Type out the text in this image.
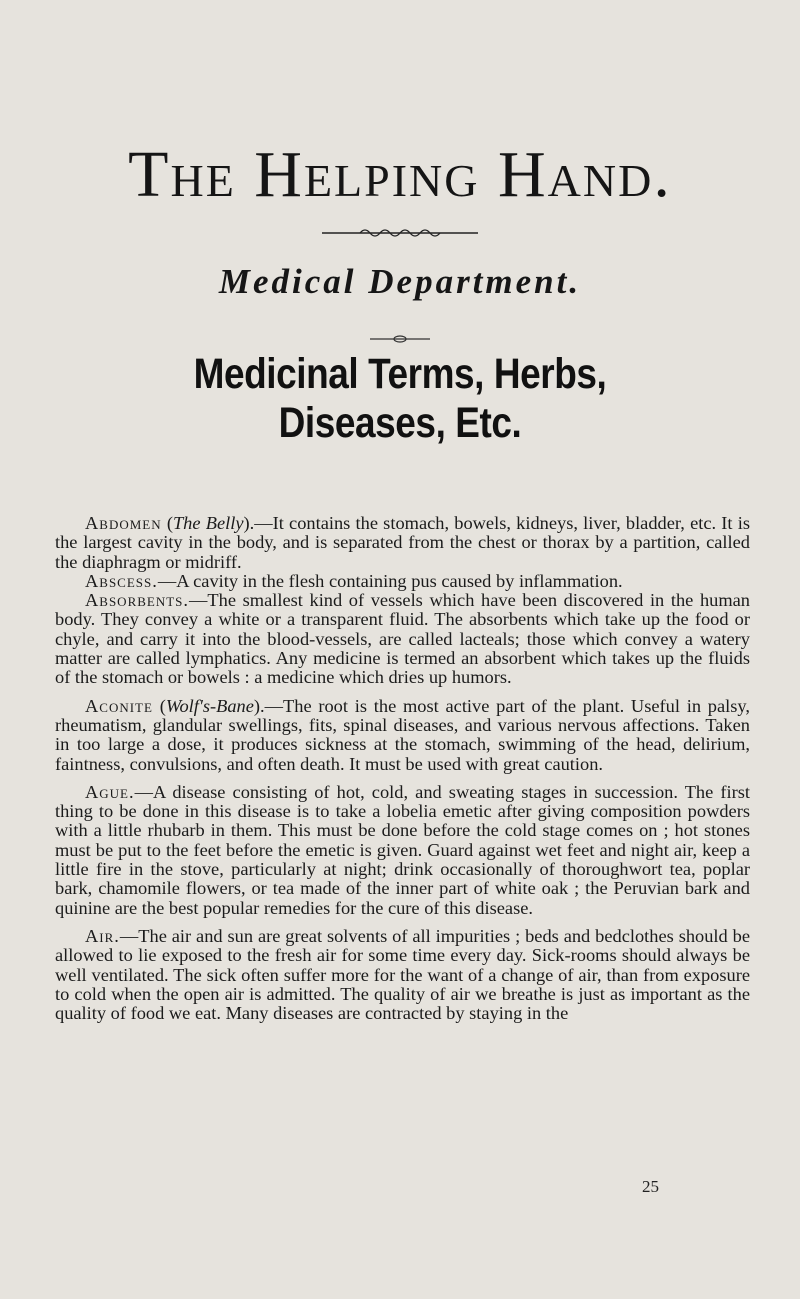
The Helping Hand.
Medical Department.
Medicinal Terms, Herbs, Diseases, Etc.

Abdomen (The Belly).—It contains the stomach, bowels, kidneys, liver, bladder, etc. It is the largest cavity in the body, and is separated from the chest or thorax by a partition, called the diaphragm or midriff.

Abscess.—A cavity in the flesh containing pus caused by inflammation.

Absorbents.—The smallest kind of vessels which have been discovered in the human body. They convey a white or a transparent fluid. The absorbents which take up the food or chyle, and carry it into the blood-vessels, are called lacteals; those which convey a watery matter are called lymphatics. Any medicine is termed an absorbent which takes up the fluids of the stomach or bowels : a medicine which dries up humors.

Aconite (Wolf's-Bane).—The root is the most active part of the plant. Useful in palsy, rheumatism, glandular swellings, fits, spinal diseases, and various nervous affections. Taken in too large a dose, it produces sickness at the stomach, swimming of the head, delirium, faintness, convulsions, and often death. It must be used with great caution.

Ague.—A disease consisting of hot, cold, and sweating stages in succession. The first thing to be done in this disease is to take a lobelia emetic after giving composition powders with a little rhubarb in them. This must be done before the cold stage comes on ; hot stones must be put to the feet before the emetic is given. Guard against wet feet and night air, keep a little fire in the stove, particularly at night; drink occasionally of thoroughwort tea, poplar bark, chamomile flowers, or tea made of the inner part of white oak ; the Peruvian bark and quinine are the best popular remedies for the cure of this disease.

Air.—The air and sun are great solvents of all impurities ; beds and bedclothes should be allowed to lie exposed to the fresh air for some time every day. Sick-rooms should always be well ventilated. The sick often suffer more for the want of a change of air, than from exposure to cold when the open air is admitted. The quality of air we breathe is just as important as the quality of food we eat. Many diseases are contracted by staying in the

25
